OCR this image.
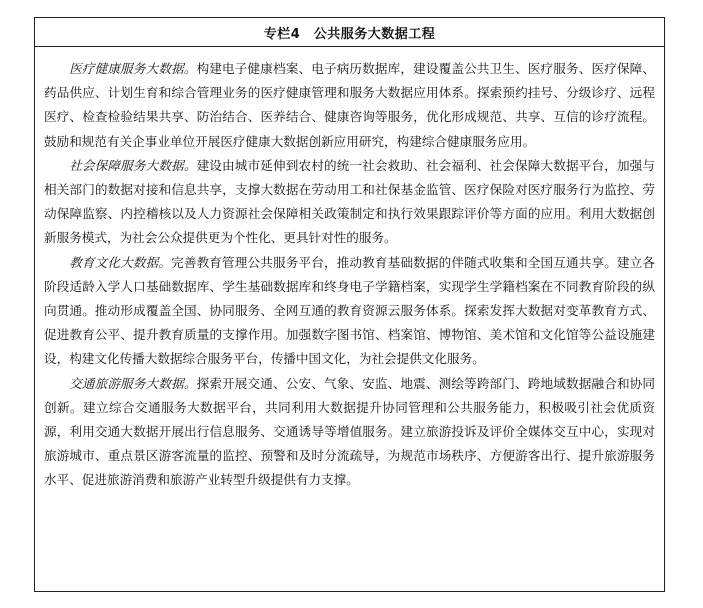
专栏4　公共服务大数据工程

医疗健康服务大数据。构建电子健康档案、电子病历数据库，建设覆盖公共卫生、医疗服务、医疗保障、药品供应、计划生育和综合管理业务的医疗健康管理和服务大数据应用体系。探索预约挂号、分级诊疗、远程医疗、检查检验结果共享、防治结合、医养结合、健康咨询等服务，优化形成规范、共享、互信的诊疗流程。鼓励和规范有关企事业单位开展医疗健康大数据创新应用研究，构建综合健康服务应用。

社会保障服务大数据。建设由城市延伸到农村的统一社会救助、社会福利、社会保障大数据平台，加强与相关部门的数据对接和信息共享，支撑大数据在劳动用工和社保基金监管、医疗保险对医疗服务行为监控、劳动保障监察、内控稽核以及人力资源社会保障相关政策制定和执行效果跟踪评价等方面的应用。利用大数据创新服务模式，为社会公众提供更为个性化、更具针对性的服务。

教育文化大数据。完善教育管理公共服务平台，推动教育基础数据的伴随式收集和全国互通共享。建立各阶段适龄入学人口基础数据库、学生基础数据库和终身电子学籍档案，实现学生学籍档案在不同教育阶段的纵向贯通。推动形成覆盖全国、协同服务、全网互通的教育资源云服务体系。探索发挥大数据对变革教育方式、促进教育公平、提升教育质量的支撑作用。加强数字图书馆、档案馆、博物馆、美术馆和文化馆等公益设施建设，构建文化传播大数据综合服务平台，传播中国文化，为社会提供文化服务。

交通旅游服务大数据。探索开展交通、公安、气象、安监、地震、测绘等跨部门、跨地域数据融合和协同创新。建立综合交通服务大数据平台，共同利用大数据提升协同管理和公共服务能力，积极吸引社会优质资源，利用交通大数据开展出行信息服务、交通诱导等增值服务。建立旅游投诉及评价全媒体交互中心，实现对旅游城市、重点景区游客流量的监控、预警和及时分流疏导，为规范市场秩序、方便游客出行、提升旅游服务水平、促进旅游消费和旅游产业转型升级提供有力支撑。
